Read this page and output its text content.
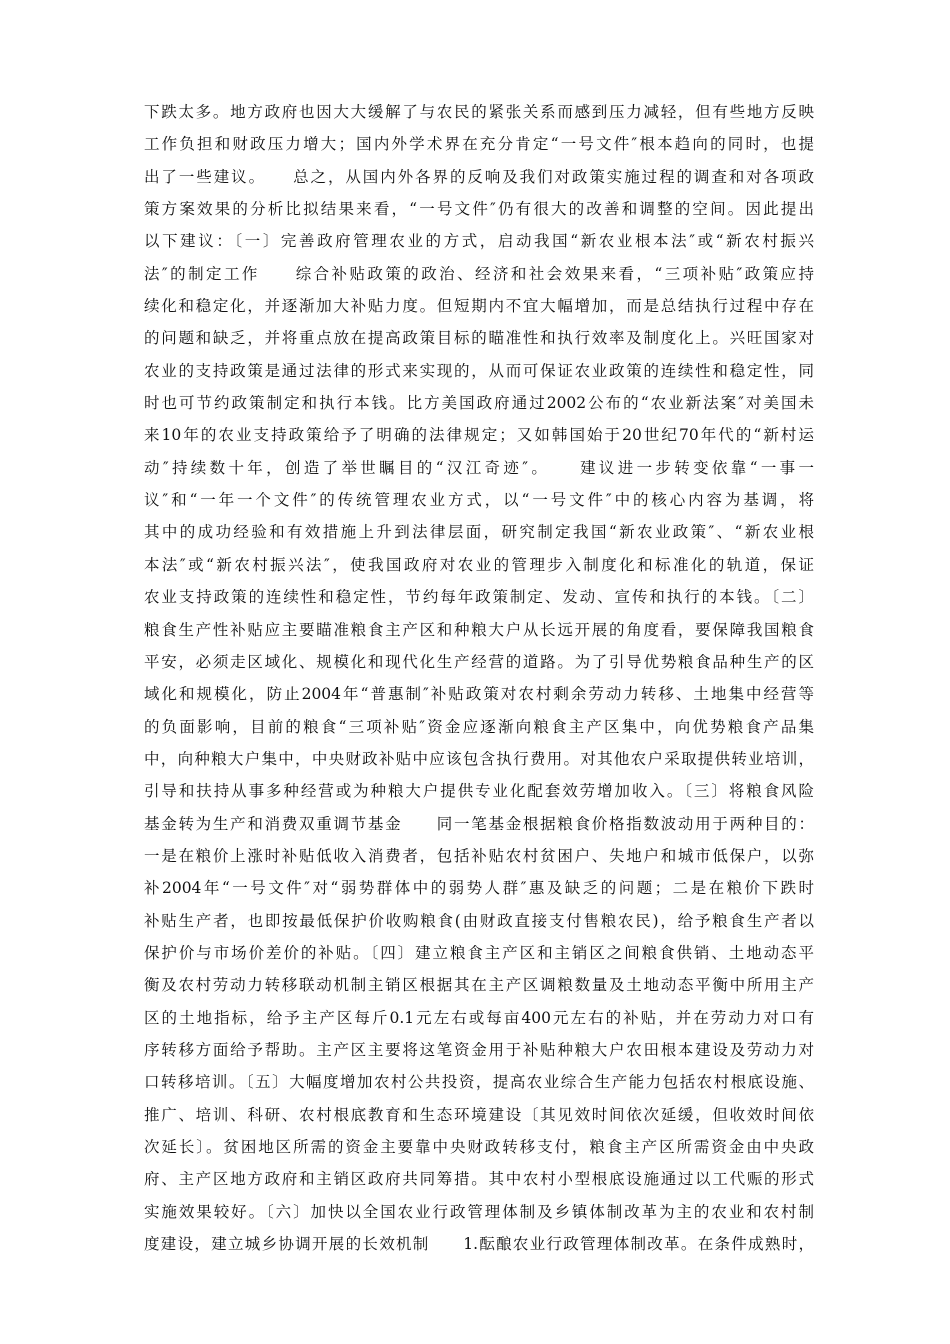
下跌太多。地方政府也因大大缓解了与农民的紧张关系而感到压力减轻，但有些地方反映
工作负担和财政压力增大；国内外学术界在充分肯定“一号文件″根本趋向的同时，也提
出了一些建议。　　总之，从国内外各界的反响及我们对政策实施过程的调查和对各项政
策方案效果的分析比拟结果来看，“一号文件″仍有很大的改善和调整的空间。因此提出
以下建议：〔一〕完善政府管理农业的方式，启动我国“新农业根本法″或“新农村振兴
法″的制定工作　　综合补贴政策的政治、经济和社会效果来看，“三项补贴″政策应持
续化和稳定化，并逐渐加大补贴力度。但短期内不宜大幅增加，而是总结执行过程中存在
的问题和缺乏，并将重点放在提高政策目标的瞄准性和执行效率及制度化上。兴旺国家对
农业的支持政策是通过法律的形式来实现的，从而可保证农业政策的连续性和稳定性，同
时也可节约政策制定和执行本钱。比方美国政府通过2002公布的“农业新法案″对美国未
来10年的农业支持政策给予了明确的法律规定；又如韩国始于20世纪70年代的“新村运
动″持续数十年，创造了举世瞩目的“汉江奇迹″。　　建议进一步转变依靠“一事一
议″和“一年一个文件″的传统管理农业方式，以“一号文件″中的核心内容为基调，将
其中的成功经验和有效措施上升到法律层面，研究制定我国“新农业政策″、“新农业根
本法″或“新农村振兴法″，使我国政府对农业的管理步入制度化和标准化的轨道，保证
农业支持政策的连续性和稳定性，节约每年政策制定、发动、宣传和执行的本钱。〔二〕
粮食生产性补贴应主要瞄准粮食主产区和种粮大户从长远开展的角度看，要保障我国粮食
平安，必须走区域化、规模化和现代化生产经营的道路。为了引导优势粮食品种生产的区
域化和规模化，防止2004年“普惠制″补贴政策对农村剩余劳动力转移、土地集中经营等
的负面影响，目前的粮食“三项补贴″资金应逐渐向粮食主产区集中，向优势粮食产品集
中，向种粮大户集中，中央财政补贴中应该包含执行费用。对其他农户采取提供转业培训，
引导和扶持从事多种经营或为种粮大户提供专业化配套效劳增加收入。〔三〕将粮食风险
基金转为生产和消费双重调节基金　　同一笔基金根据粮食价格指数波动用于两种目的：
一是在粮价上涨时补贴低收入消费者，包括补贴农村贫困户、失地户和城市低保户，以弥
补2004年“一号文件″对“弱势群体中的弱势人群″惠及缺乏的问题；二是在粮价下跌时
补贴生产者，也即按最低保护价收购粮食(由财政直接支付售粮农民)，给予粮食生产者以
保护价与市场价差价的补贴。〔四〕建立粮食主产区和主销区之间粮食供销、土地动态平
衡及农村劳动力转移联动机制主销区根据其在主产区调粮数量及土地动态平衡中所用主产
区的土地指标，给予主产区每斤0.1元左右或每亩400元左右的补贴，并在劳动力对口有
序转移方面给予帮助。主产区主要将这笔资金用于补贴种粮大户农田根本建设及劳动力对
口转移培训。〔五〕大幅度增加农村公共投资，提高农业综合生产能力包括农村根底设施、
推广、培训、科研、农村根底教育和生态环境建设〔其见效时间依次延缓，但收效时间依
次延长〕。贫困地区所需的资金主要靠中央财政转移支付，粮食主产区所需资金由中央政
府、主产区地方政府和主销区政府共同筹措。其中农村小型根底设施通过以工代赈的形式
实施效果较好。〔六〕加快以全国农业行政管理体制及乡镇体制改革为主的农业和农村制
度建设，建立城乡协调开展的长效机制　　1.酝酿农业行政管理体制改革。在条件成熟时，
